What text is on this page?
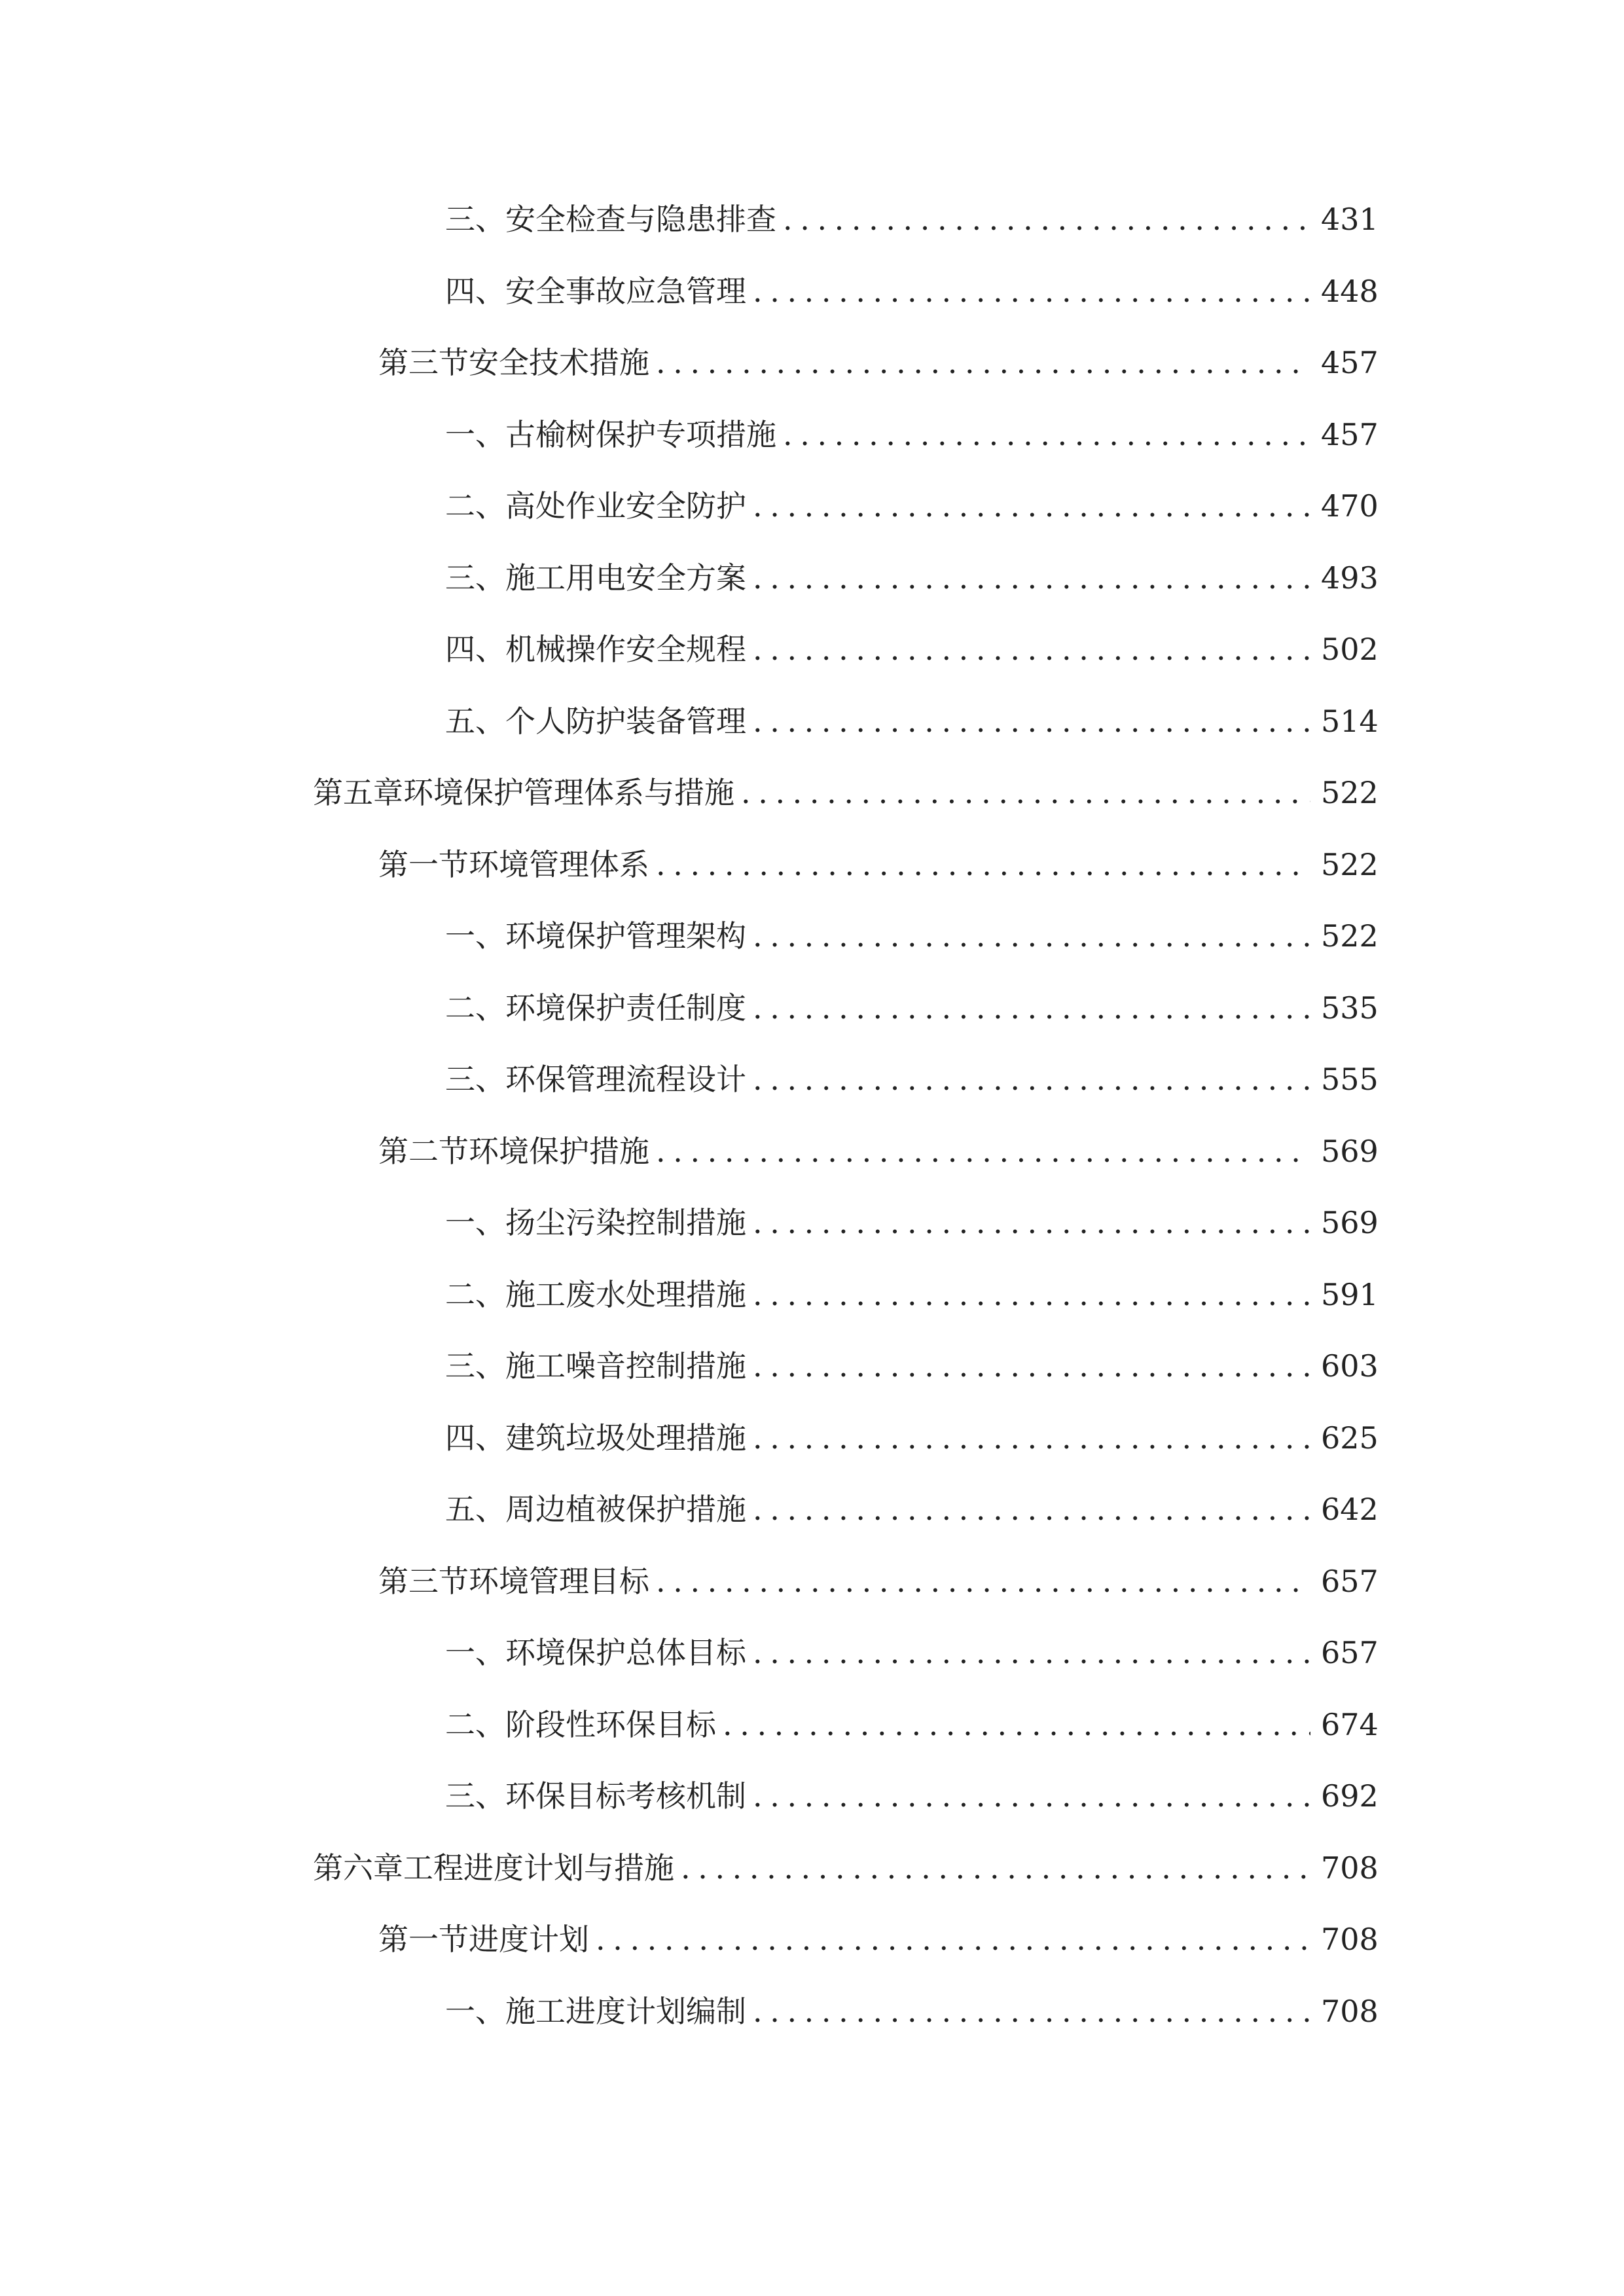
三、 安全检查与隐患排查 .....	431
四、 安全事故应急管理 .....	448
第三节 安全技术措施 .....	457
一、 古榆树保护专项措施 .....	457
二、 高处作业安全防护 .....	470
三、 施工用电安全方案 .....	493
四、 机械操作安全规程 .....	502
五、 个人防护装备管理 .....	514
第五章 环境保护管理体系与措施 .....	522
第一节 环境管理体系 .....	522
一、 环境保护管理架构 .....	522
二、 环境保护责任制度 .....	535
三、 环保管理流程设计 .....	555
第二节 环境保护措施 .....	569
一、 扬尘污染控制措施 .....	569
二、 施工废水处理措施 .....	591
三、 施工噪音控制措施 .....	603
四、 建筑垃圾处理措施 .....	625
五、 周边植被保护措施 .....	642
第三节 环境管理目标 .....	657
一、 环境保护总体目标 .....	657
二、 阶段性环保目标 .....	674
三、 环保目标考核机制 .....	692
第六章 工程进度计划与措施 .....	708
第一节 进度计划 .....	708
一、 施工进度计划编制 .....	708
